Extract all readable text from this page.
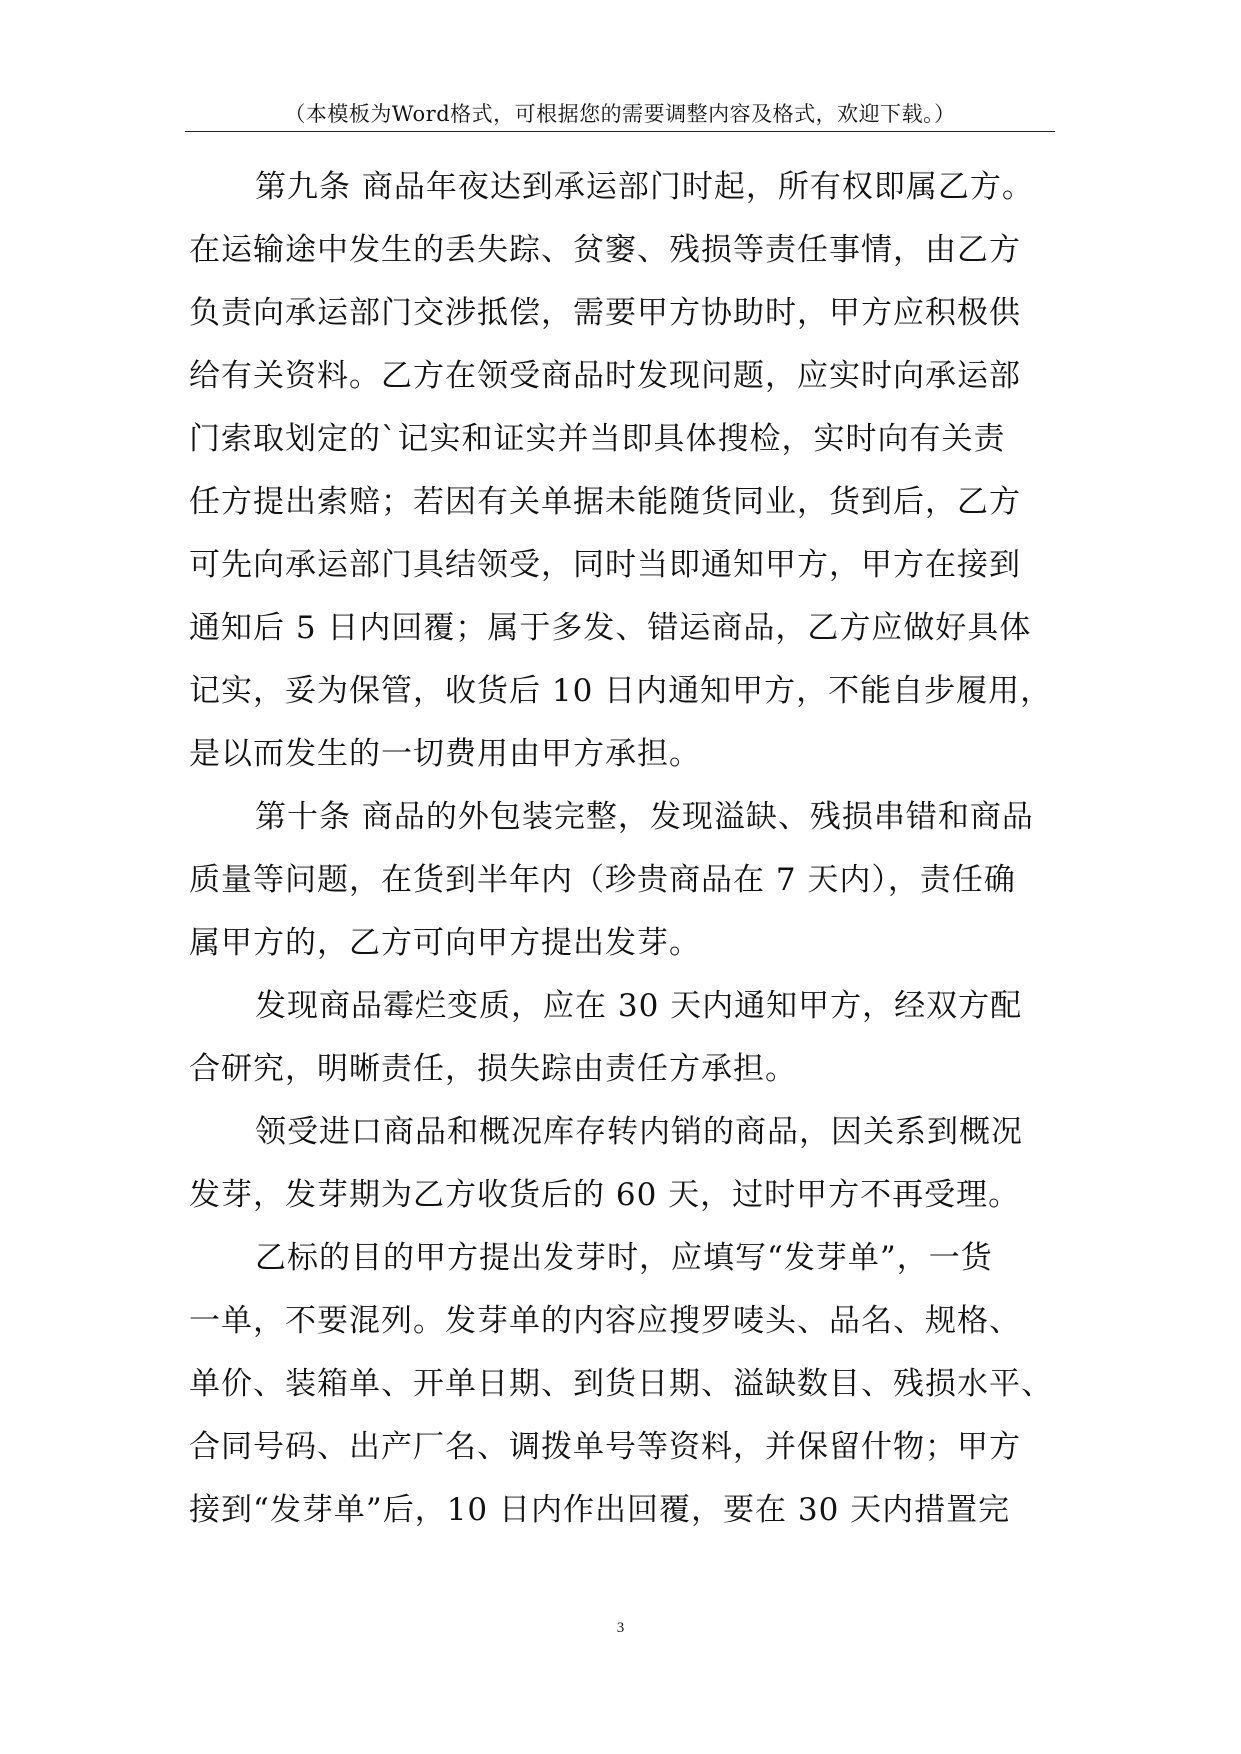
（本模板为Word格式，可根据您的需要调整内容及格式，欢迎下载。）
第九条 商品年夜达到承运部门时起，所有权即属乙方。
在运输途中发生的丢失踪、贫窭、残损等责任事情，由乙方
负责向承运部门交涉抵偿，需要甲方协助时，甲方应积极供
给有关资料。乙方在领受商品时发现问题，应实时向承运部
门索取划定的`记实和证实并当即具体搜检，实时向有关责
任方提出索赔；若因有关单据未能随货同业，货到后，乙方
可先向承运部门具结领受，同时当即通知甲方，甲方在接到
通知后 5 日内回覆；属于多发、错运商品，乙方应做好具体
记实，妥为保管，收货后 10 日内通知甲方，不能自步履用，
是以而发生的一切费用由甲方承担。
第十条 商品的外包装完整，发现溢缺、残损串错和商品
质量等问题，在货到半年内（珍贵商品在 7 天内），责任确
属甲方的，乙方可向甲方提出发芽。
发现商品霉烂变质，应在 30 天内通知甲方，经双方配
合研究，明晰责任，损失踪由责任方承担。
领受进口商品和概况库存转内销的商品，因关系到概况
发芽，发芽期为乙方收货后的 60 天，过时甲方不再受理。
乙标的目的甲方提出发芽时，应填写“发芽单”，一货
一单，不要混列。发芽单的内容应搜罗唛头、品名、规格、
单价、装箱单、开单日期、到货日期、溢缺数目、残损水平、
合同号码、出产厂名、调拨单号等资料，并保留什物；甲方
接到“发芽单”后，10 日内作出回覆，要在 30 天内措置完
3
